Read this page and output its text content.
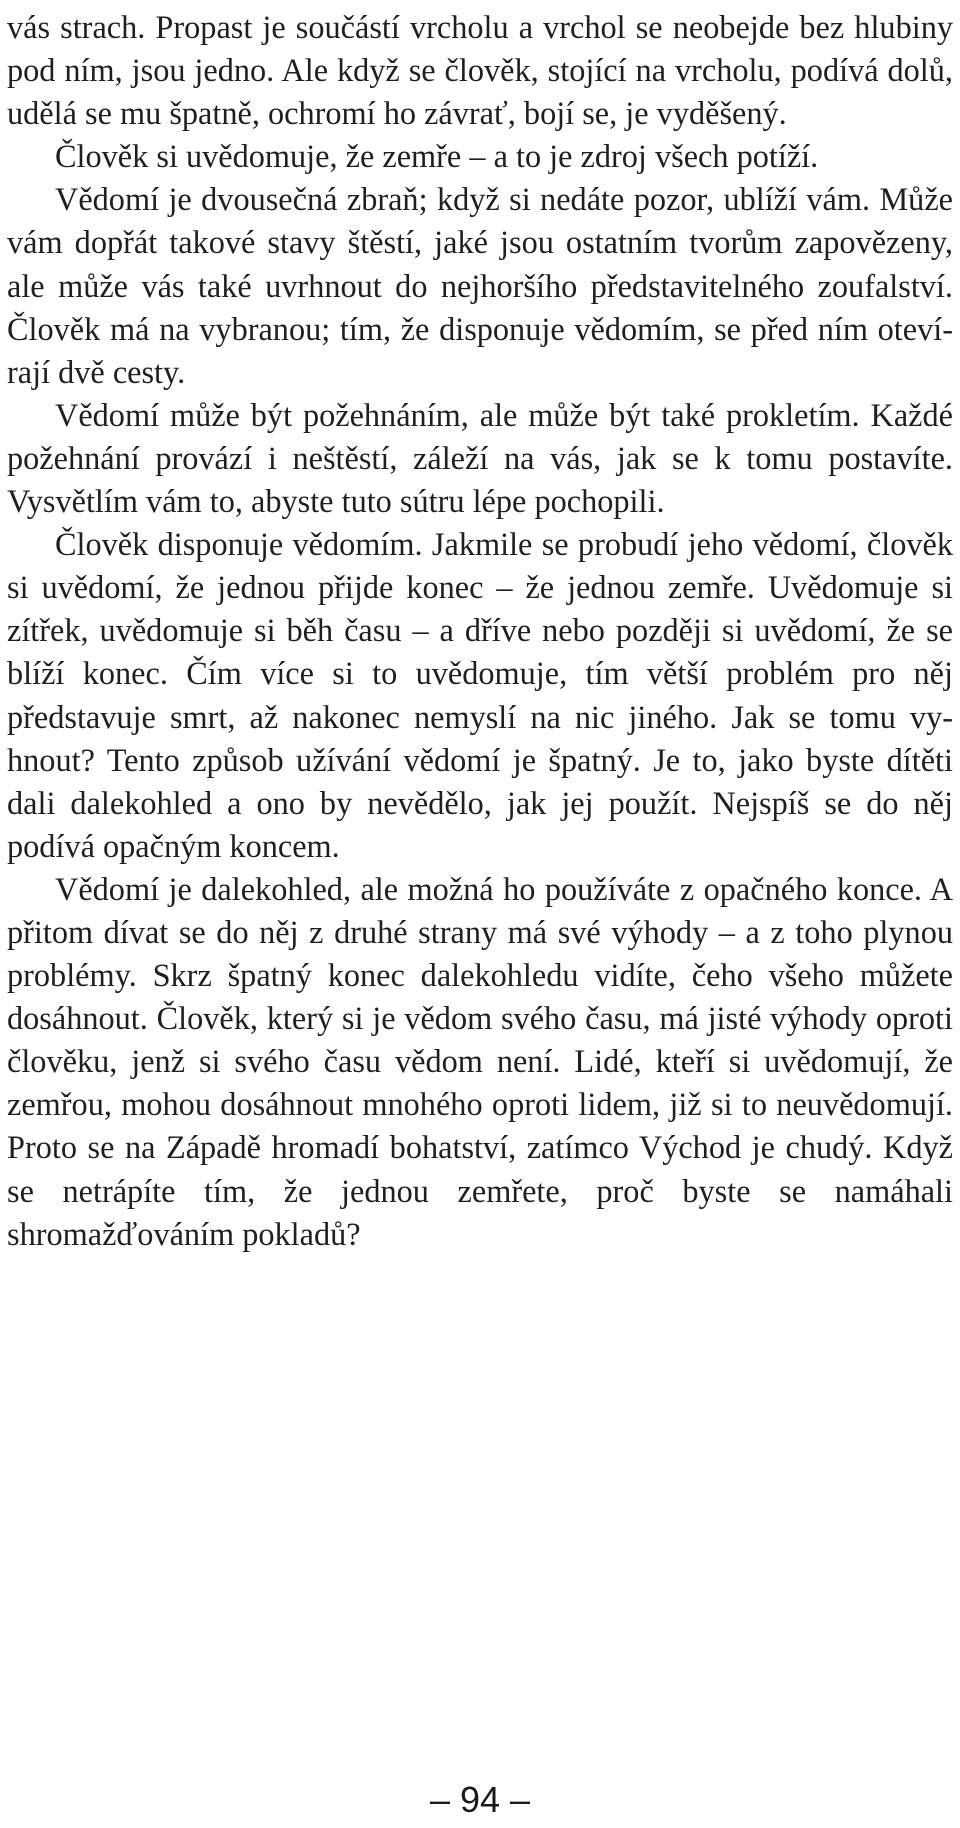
vás strach. Propast je součástí vrcholu a vrchol se neobejde bez hlubiny pod ním, jsou jedno. Ale když se člověk, stojící na vrcholu, podívá dolů, udělá se mu špatně, ochromí ho závrať, bojí se, je vyděšený.

Člověk si uvědomuje, že zemře – a to je zdroj všech potíží.

Vědomí je dvousečná zbraň; když si nedáte pozor, ublíží vám. Může vám dopřát takové stavy štěstí, jaké jsou ostatním tvorům zapovězeny, ale může vás také uvrhnout do nejhoršího představitelného zoufalství. Člověk má na vybranou; tím, že disponuje vědomím, se před ním otevírají dvě cesty.

Vědomí může být požehnáním, ale může být také prokletím. Každé požehnání provází i neštěstí, záleží na vás, jak se k tomu postavíte. Vysvětlím vám to, abyste tuto sútru lépe pochopili.

Člověk disponuje vědomím. Jakmile se probudí jeho vědomí, člověk si uvědomí, že jednou přijde konec – že jednou zemře. Uvědomuje si zítřek, uvědomuje si běh času – a dříve nebo později si uvědomí, že se blíží konec. Čím více si to uvědomuje, tím větší problém pro něj představuje smrt, až nakonec nemyslí na nic jiného. Jak se tomu vyhnout? Tento způsob užívání vědomí je špatný. Je to, jako byste dítěti dali dalekohled a ono by nevědělo, jak jej použít. Nejspíš se do něj podívá opačným koncem.

Vědomí je dalekohled, ale možná ho používáte z opačného konce. A přitom dívat se do něj z druhé strany má své výhody – a z toho plynou problémy. Skrz špatný konec dalekohledu vidíte, čeho všeho můžete dosáhnout. Člověk, který si je vědom svého času, má jisté výhody oproti člověku, jenž si svého času vědom není. Lidé, kteří si uvědomují, že zemřou, mohou dosáhnout mnohého oproti lidem, již si to neuvědomují. Proto se na Západě hromadí bohatství, zatímco Východ je chudý. Když se netrápíte tím, že jednou zemřete, proč byste se namáhali shromažďováním pokladů?

– 94 –
